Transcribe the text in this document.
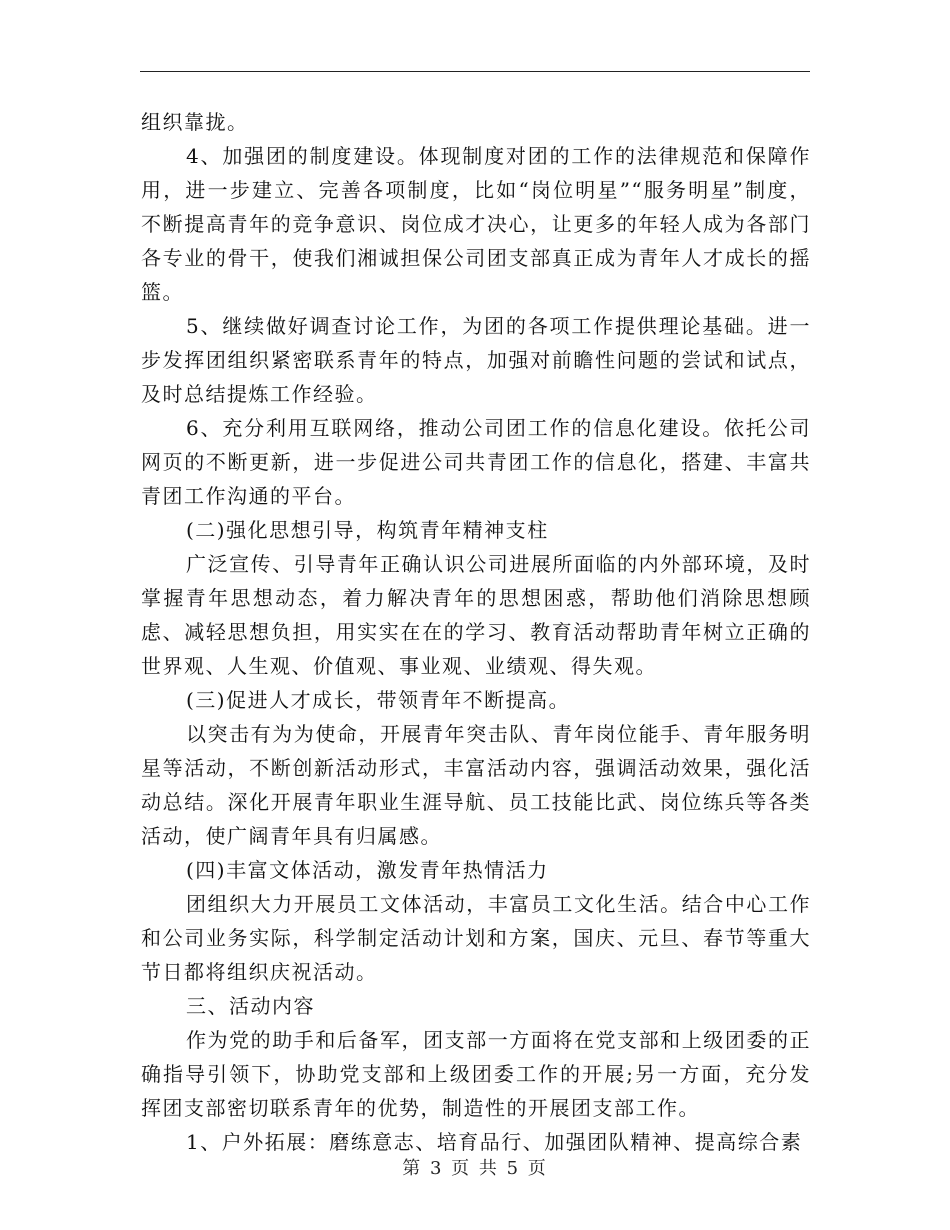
组织靠拢。

4、加强团的制度建设。体现制度对团的工作的法律规范和保障作用，进一步建立、完善各项制度，比如“岗位明星”“服务明星”制度，不断提高青年的竞争意识、岗位成才决心，让更多的年轻人成为各部门各专业的骨干，使我们湘诚担保公司团支部真正成为青年人才成长的摇篮。

5、继续做好调查讨论工作，为团的各项工作提供理论基础。进一步发挥团组织紧密联系青年的特点，加强对前瞻性问题的尝试和试点，及时总结提炼工作经验。

6、充分利用互联网络，推动公司团工作的信息化建设。依托公司网页的不断更新，进一步促进公司共青团工作的信息化，搭建、丰富共青团工作沟通的平台。

(二)强化思想引导，构筑青年精神支柱

广泛宣传、引导青年正确认识公司进展所面临的内外部环境，及时掌握青年思想动态，着力解决青年的思想困惑，帮助他们消除思想顾虑、减轻思想负担，用实实在在的学习、教育活动帮助青年树立正确的世界观、人生观、价值观、事业观、业绩观、得失观。

(三)促进人才成长，带领青年不断提高。

以突击有为为使命，开展青年突击队、青年岗位能手、青年服务明星等活动，不断创新活动形式，丰富活动内容，强调活动效果，强化活动总结。深化开展青年职业生涯导航、员工技能比武、岗位练兵等各类活动，使广阔青年具有归属感。

(四)丰富文体活动，激发青年热情活力

团组织大力开展员工文体活动，丰富员工文化生活。结合中心工作和公司业务实际，科学制定活动计划和方案，国庆、元旦、春节等重大节日都将组织庆祝活动。

三、活动内容

作为党的助手和后备军，团支部一方面将在党支部和上级团委的正确指导引领下，协助党支部和上级团委工作的开展;另一方面，充分发挥团支部密切联系青年的优势，制造性的开展团支部工作。

1、户外拓展：磨练意志、培育品行、加强团队精神、提高综合素

第 3 页 共 5 页
